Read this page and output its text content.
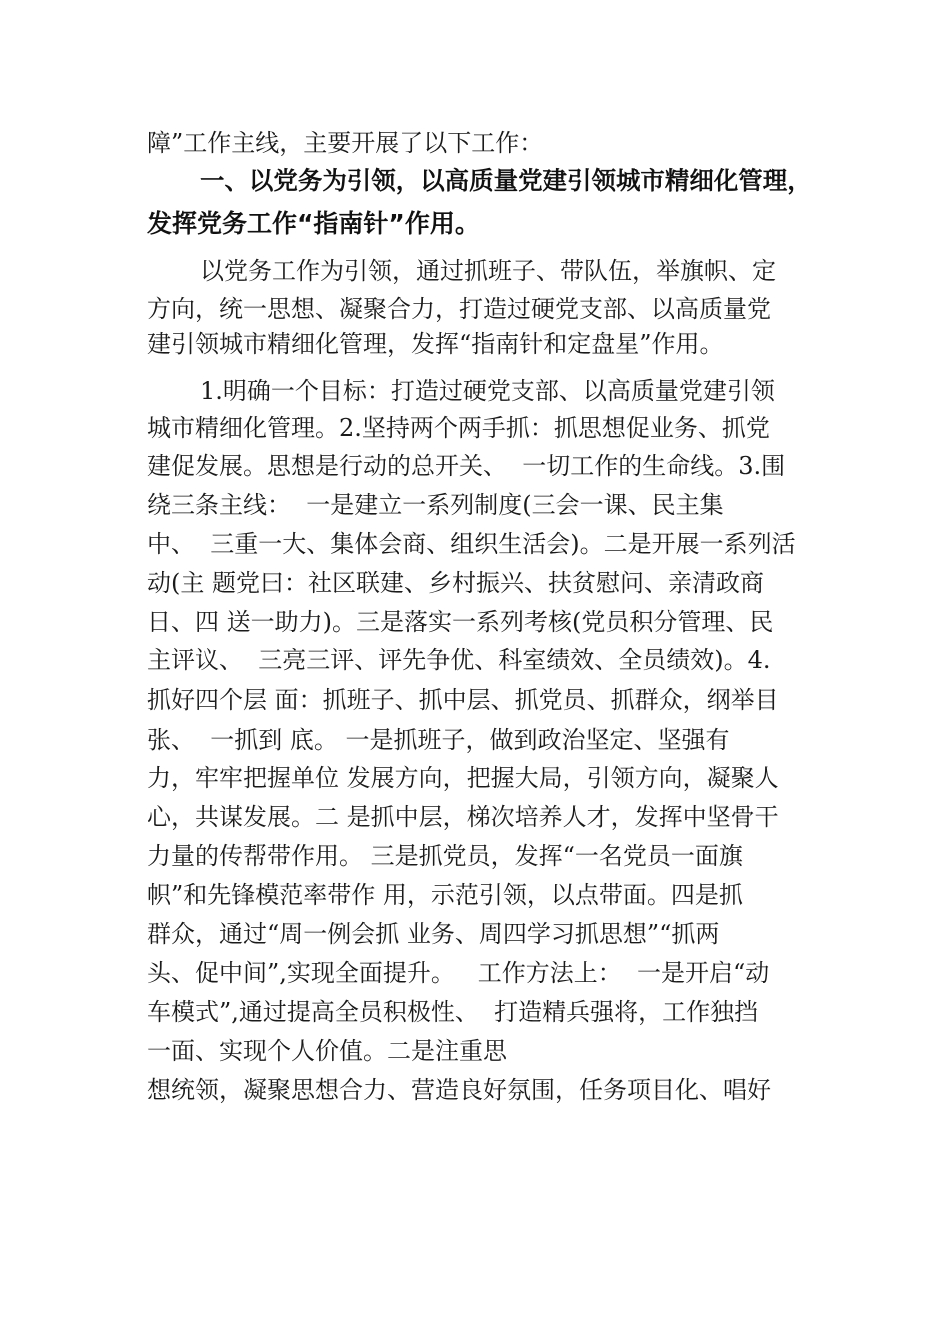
障”工作主线，主要开展了以下工作：
一、以党务为引领，以高质量党建引领城市精细化管理，
发挥党务工作“指南针”作用。
以党务工作为引领，通过抓班子、带队伍，举旗帜、定
方向，统一思想、凝聚合力，打造过硬党支部、以高质量党
建引领城市精细化管理，发挥“指南针和定盘星”作用。
1.明确一个目标：打造过硬党支部、以高质量党建引领
城市精细化管理。2.坚持两个两手抓：抓思想促业务、抓党
建促发展。思想是行动的总开关、  一切工作的生命线。3.围
绕三条主线：  一是建立一系列制度(三会一课、民主集
中、  三重一大、集体会商、组织生活会)。二是开展一系列活
动(主 题党曰：社区联建、乡村振兴、扶贫慰问、亲清政商
日、四 送一助力)。三是落实一系列考核(党员积分管理、民
主评议、  三亮三评、评先争优、科室绩效、全员绩效)。4.
抓好四个层 面：抓班子、抓中层、抓党员、抓群众，纲举目
张、  一抓到 底。 一是抓班子，做到政治坚定、坚强有
力，牢牢把握单位 发展方向，把握大局，引领方向，凝聚人
心，共谋发展。二 是抓中层，梯次培养人才，发挥中坚骨干
力量的传帮带作用。 三是抓党员，发挥“一名党员一面旗
帜”和先锋模范率带作 用，示范引领，以点带面。四是抓
群众，通过“周一例会抓 业务、周四学习抓思想”“抓两
头、促中间”,实现全面提升。   工作方法上：  一是开启“动
车模式”,通过提高全员积极性、  打造精兵强将，工作独挡
一面、实现个人价值。二是注重思
想统领，凝聚思想合力、营造良好氛围，任务项目化、唱好
